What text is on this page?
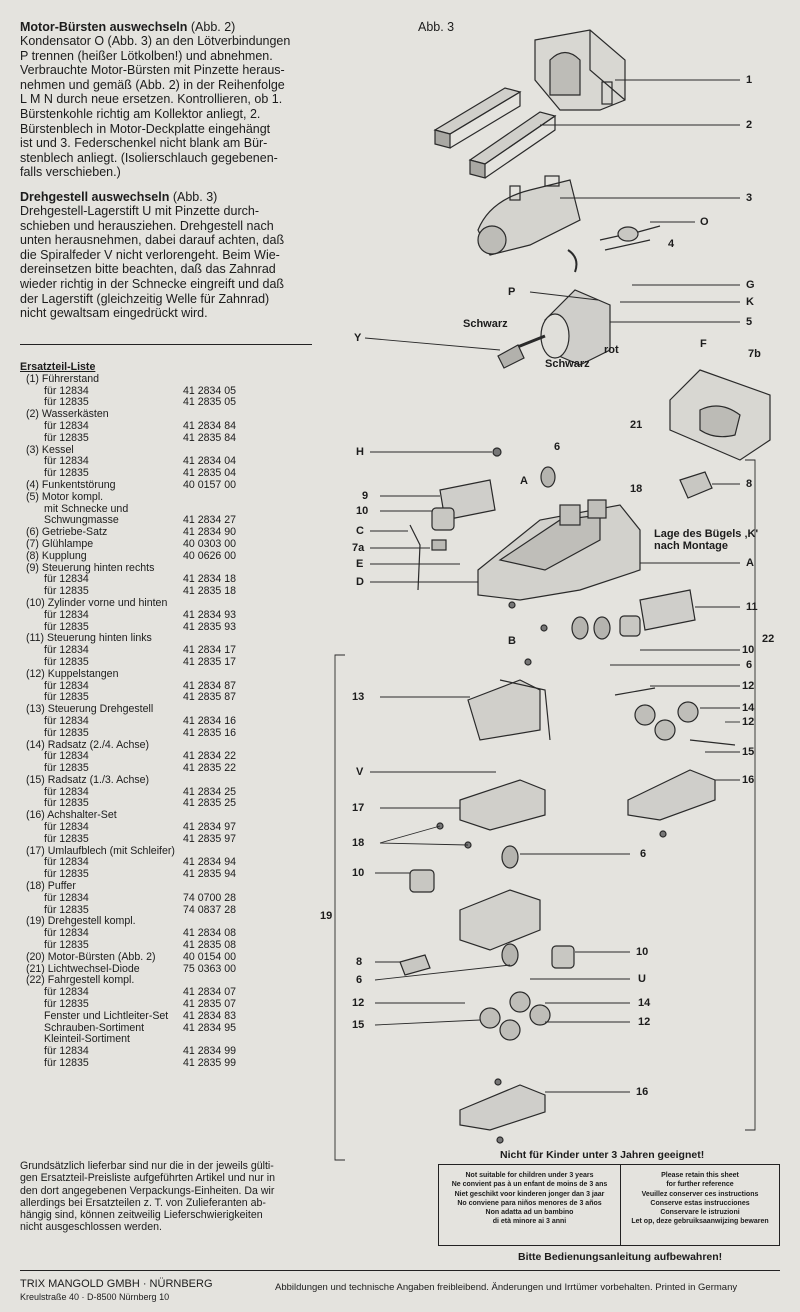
Motor-Bürsten auswechseln (Abb. 2)

Kondensator O (Abb. 3) an den Lötverbindungen

P trennen (heißer Lötkolben!) und abnehmen.

Verbrauchte Motor-Bürsten mit Pinzette heraus-

nehmen und gemäß (Abb. 2) in der Reihenfolge

L M N durch neue ersetzen. Kontrollieren, ob 1.

Bürstenkohle richtig am Kollektor anliegt, 2.

Bürstenblech in Motor-Deckplatte eingehängt

ist und 3. Federschenkel nicht blank am Bür-

stenblech anliegt. (Isolierschlauch gegebenen-

falls verschieben.)

Drehgestell auswechseln (Abb. 3)

Drehgestell-Lagerstift U mit Pinzette durch-

schieben und herausziehen. Drehgestell nach

unten herausnehmen, dabei darauf achten, daß

die Spiralfeder V nicht verlorengeht. Beim Wie-

dereinsetzen bitte beachten, daß das Zahnrad

wieder richtig in der Schnecke eingreift und daß

der Lagerstift (gleichzeitig Welle für Zahnrad)

nicht gewaltsam eingedrückt wird.

Ersatzteil-Liste
(1) Führerstand
für 12834	41 2834 05
für 12835	41 2835 05
(2) Wasserkästen
für 12834	41 2834 84
für 12835	41 2835 84
(3) Kessel
für 12834	41 2834 04
für 12835	41 2835 04
(4) Funkentstörung	40 0157 00
(5) Motor kompl.
mit Schnecke und
Schwungmasse	41 2834 27
(6) Getriebe-Satz	41 2834 90
(7) Glühlampe	40 0303 00
(8) Kupplung	40 0626 00
(9) Steuerung hinten rechts
für 12834	41 2834 18
für 12835	41 2835 18
(10) Zylinder vorne und hinten
für 12834	41 2834 93
für 12835	41 2835 93
(11) Steuerung hinten links
für 12834	41 2834 17
für 12835	41 2835 17
(12) Kuppelstangen
für 12834	41 2834 87
für 12835	41 2835 87
(13) Steuerung Drehgestell
für 12834	41 2834 16
für 12835	41 2835 16
(14) Radsatz (2./4. Achse)
für 12834	41 2834 22
für 12835	41 2835 22
(15) Radsatz (1./3. Achse)
für 12834	41 2834 25
für 12835	41 2835 25
(16) Achshalter-Set
für 12834	41 2834 97
für 12835	41 2835 97
(17) Umlaufblech (mit Schleifer)
für 12834	41 2834 94
für 12835	41 2835 94
(18) Puffer
für 12834	74 0700 28
für 12835	74 0837 28
(19) Drehgestell kompl.
für 12834	41 2834 08
für 12835	41 2835 08
(20) Motor-Bürsten (Abb. 2)	40 0154 00
(21) Lichtwechsel-Diode	75 0363 00
(22) Fahrgestell kompl.
für 12834	41 2834 07
für 12835	41 2835 07
Fenster und Lichtleiter-Set 41 2834 83
Schrauben-Sortiment	41 2834 95
Kleinteil-Sortiment
für 12834	41 2834 99
für 12835	41 2835 99

Grundsätzlich lieferbar sind nur die in der jeweils gülti-
gen Ersatzteil-Preisliste aufgeführten Artikel und nur in
den dort angegebenen Verpackungs-Einheiten. Da wir
allerdings bei Ersatzteilen z. T. von Zulieferanten ab-
hängig sind, können zeitweilig Lieferschwierigkeiten
nicht ausgeschlossen werden.

Abb. 3
1
2
3
O
4
G
P
K
5
Schwarz
Y
rot
Schwarz
F
7b
21
H	6
8
18
9
A
10
Lage des Bügels ‚K'
nach Montage
C
7a
A
E
D
11
22
B
10
6
12
13
14
12
15
V
16
17
18
6
10
19
10
8
6	U
12	14
15	12
16
Nicht für Kinder unter 3 Jahren geeignet!
Not suitable for children under 3 years
Ne convient pas à un enfant de moins de 3 ans
Niet geschikt voor kinderen jonger dan 3 jaar
No conviene para niños menores de 3 años
Non adatta ad un bambino
di età minore ai 3 anni
Please retain this sheet
for further reference
Veuillez conserver ces instructions
Conserve estas instrucciones
Conservare le istruzioni
Let op, deze gebruiksaanwijzing bewaren
Bitte Bedienungsanleitung aufbewahren!
TRIX MANGOLD GMBH · NÜRNBERG
Kreulstraße 40 · D-8500 Nürnberg 10
Abbildungen und technische Angaben freibleibend. Änderungen und Irrtümer vorbehalten. Printed in Germany
